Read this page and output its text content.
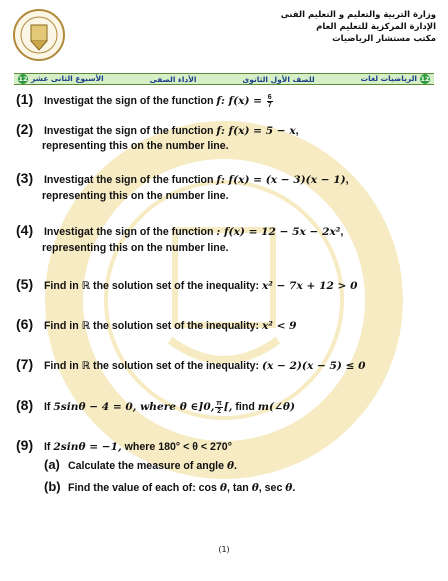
وزارة التربية والتعليم و التعليم الفنى
الإدارة المركزية للتعليم العام
مكتب مستشار الرياضيات
12الرياضيات لغات
للصف الأول الثانوى
الأداء الصفى
الأسبوع الثانى عشر12
(1) Investigat the sign of the function f: $f(x) = \frac{6}{7}$
(2) Investigat the sign of the function f: f(x) = 5 − x,
representing this on the number line.
(3) Investigat the sign of the function f: f(x) = (x − 3)(x − 1),
representing this on the number line.
(4) Investigat the sign of the function : f(x) = 12 − 5x − 2x²,
representing this on the number line.
(5) Find in ℝ the solution set of the inequality: x² − 7x + 12 > 0
(6) Find in ℝ the solution set of the inequality: x² < 9
(7) Find in ℝ the solution set of the inequality: (x − 2)(x − 5) ≤ 0
(8) If 5sinθ − 4 = 0, where θ ∈]0, $\frac{\pi}{2}$ [, find m(∠θ)
(9) If 2sinθ = −1, where 180° < θ < 270°
(a) Calculate the measure of angle θ.
(b) Find the value of each of: cos θ, tan θ, sec θ.
(1)
